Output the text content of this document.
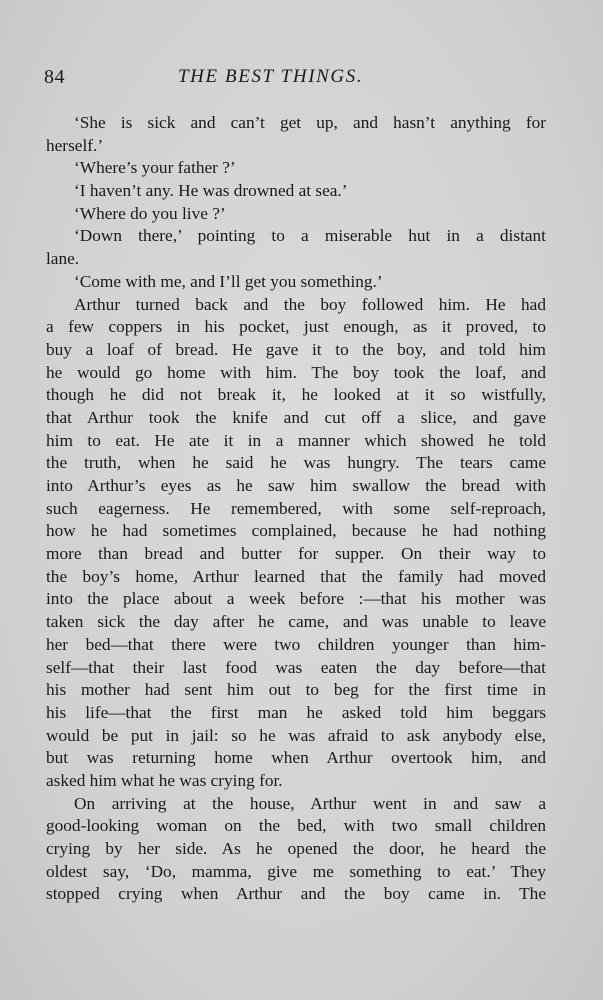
84	THE BEST THINGS.
‘She is sick and can’t get up, and hasn’t anything for
herself.’
‘Where’s your father ?’
‘I haven’t any. He was drowned at sea.’
‘Where do you live ?’
‘Down there,’ pointing to a miserable hut in a distant
lane.
‘Come with me, and I’ll get you something.’
Arthur turned back and the boy followed him. He had
a few coppers in his pocket, just enough, as it proved, to
buy a loaf of bread. He gave it to the boy, and told him
he would go home with him. The boy took the loaf, and
though he did not break it, he looked at it so wistfully,
that Arthur took the knife and cut off a slice, and gave
him to eat. He ate it in a manner which showed he told
the truth, when he said he was hungry. The tears came
into Arthur’s eyes as he saw him swallow the bread with
such eagerness. He remembered, with some self-reproach,
how he had sometimes complained, because he had nothing
more than bread and butter for supper. On their way to
the boy’s home, Arthur learned that the family had moved
into the place about a week before :—that his mother was
taken sick the day after he came, and was unable to leave
her bed—that there were two children younger than him-
self—that their last food was eaten the day before—that
his mother had sent him out to beg for the first time in
his life—that the first man he asked told him beggars
would be put in jail: so he was afraid to ask anybody else,
but was returning home when Arthur overtook him, and
asked him what he was crying for.
On arriving at the house, Arthur went in and saw a
good-looking woman on the bed, with two small children
crying by her side. As he opened the door, he heard the
oldest say, ‘Do, mamma, give me something to eat.’ They
stopped crying when Arthur and the boy came in. The
